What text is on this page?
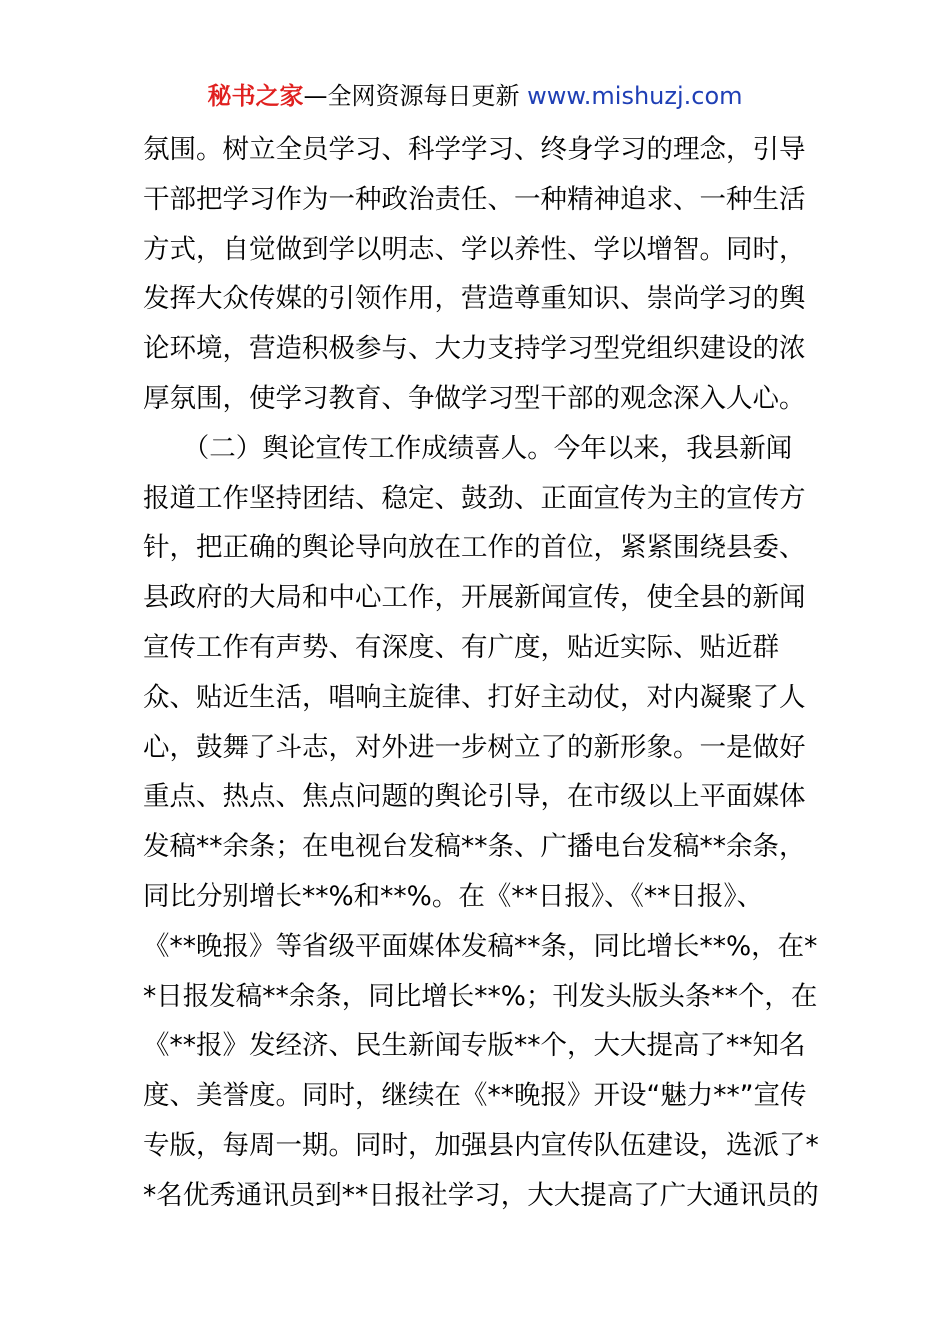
秘书之家—全网资源每日更新 www.mishuzj.com
氛围。树立全员学习、科学学习、终身学习的理念，引导
干部把学习作为一种政治责任、一种精神追求、一种生活
方式，自觉做到学以明志、学以养性、学以增智。同时，
发挥大众传媒的引领作用，营造尊重知识、崇尚学习的舆
论环境，营造积极参与、大力支持学习型党组织建设的浓
厚氛围，使学习教育、争做学习型干部的观念深入人心。
　　（二）舆论宣传工作成绩喜人。今年以来，我县新闻
报道工作坚持团结、稳定、鼓劲、正面宣传为主的宣传方
针，把正确的舆论导向放在工作的首位，紧紧围绕县委、
县政府的大局和中心工作，开展新闻宣传，使全县的新闻
宣传工作有声势、有深度、有广度，贴近实际、贴近群
众、贴近生活，唱响主旋律、打好主动仗，对内凝聚了人
心，鼓舞了斗志，对外进一步树立了的新形象。一是做好
重点、热点、焦点问题的舆论引导，在市级以上平面媒体
发稿**余条；在电视台发稿**条、广播电台发稿**余条，
同比分别增长**%和**%。在《**日报》、《**日报》、
《**晚报》等省级平面媒体发稿**条，同比增长**%，在*
*日报发稿**余条，同比增长**%；刊发头版头条**个，在
《**报》发经济、民生新闻专版**个，大大提高了**知名
度、美誉度。同时，继续在《**晚报》开设“魅力**”宣传
专版，每周一期。同时，加强县内宣传队伍建设，选派了*
*名优秀通讯员到**日报社学习，大大提高了广大通讯员的
